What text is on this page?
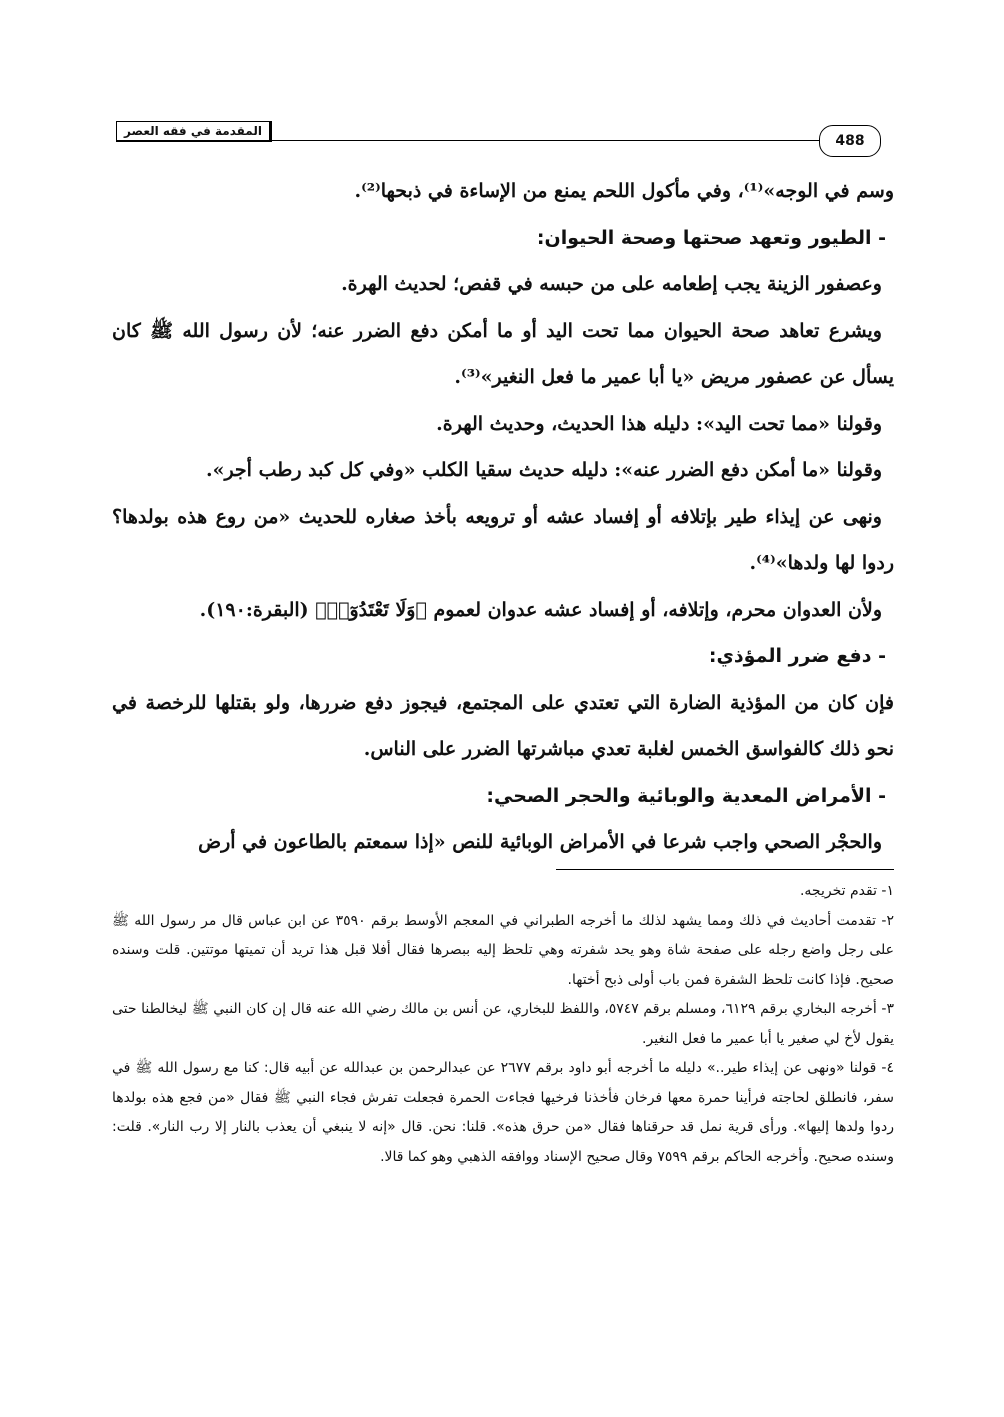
المقدمة في فقه العصر
488

وسم في الوجه»⁽¹⁾، وفي مأكول اللحم يمنع من الإساءة في ذبحها⁽²⁾.

- الطيور وتعهد صحتها وصحة الحيوان:

وعصفور الزينة يجب إطعامه على من حبسه في قفص؛ لحديث الهرة.

ويشرع تعاهد صحة الحيوان مما تحت اليد أو ما أمكن دفع الضرر عنه؛ لأن رسول الله ﷺ كان يسأل عن عصفور مريض «يا أبا عمير ما فعل النغير»⁽³⁾.

وقولنا «مما تحت اليد»: دليله هذا الحديث، وحديث الهرة.

وقولنا «ما أمكن دفع الضرر عنه»: دليله حديث سقيا الكلب «وفي كل كبد رطب أجر».

ونهى عن إيذاء طير بإتلافه أو إفساد عشه أو ترويعه بأخذ صغاره للحديث «من روع هذه بولدها؟ ردوا لها ولدها»⁽⁴⁾.

ولأن العدوان محرم، وإتلافه، أو إفساد عشه عدوان لعموم ﴿وَلَا تَعْتَدُوٓا۟﴾ (البقرة:١٩٠).

- دفع ضرر المؤذي:

فإن كان من المؤذية الضارة التي تعتدي على المجتمع، فيجوز دفع ضررها، ولو بقتلها للرخصة في نحو ذلك كالفواسق الخمس لغلبة تعدي مباشرتها الضرر على الناس.

- الأمراض المعدية والوبائية والحجر الصحي:

والحجْر الصحي واجب شرعا في الأمراض الوبائية للنص «إذا سمعتم بالطاعون في أرض

١- تقدم تخريجه.

٢- تقدمت أحاديث في ذلك ومما يشهد لذلك ما أخرجه الطبراني في المعجم الأوسط برقم ٣٥٩٠ عن ابن عباس قال مر رسول الله ﷺ على رجل واضع رجله على صفحة شاة وهو يحد شفرته وهي تلحظ إليه ببصرها فقال أفلا قبل هذا تريد أن تميتها موتتين. قلت وسنده صحيح. فإذا كانت تلحظ الشفرة فمن باب أولى ذبح أختها.

٣- أخرجه البخاري برقم ٦١٢٩، ومسلم برقم ٥٧٤٧، واللفظ للبخاري، عن أنس بن مالك رضي الله عنه قال إن كان النبي ﷺ ليخالطنا حتى يقول لأخ لي صغير يا أبا عمير ما فعل النغير.

٤- قولنا «ونهى عن إيذاء طير..» دليله ما أخرجه أبو داود برقم ٢٦٧٧ عن عبدالرحمن بن عبدالله عن أبيه قال: كنا مع رسول الله ﷺ في سفر، فانطلق لحاجته فرأينا حمرة معها فرخان فأخذنا فرخيها فجاءت الحمرة فجعلت تفرش فجاء النبي ﷺ فقال «من فجع هذه بولدها ردوا ولدها إليها». ورأى قرية نمل قد حرقناها فقال «من حرق هذه». قلنا: نحن. قال «إنه لا ينبغي أن يعذب بالنار إلا رب النار». قلت: وسنده صحيح. وأخرجه الحاكم برقم ٧٥٩٩ وقال صحيح الإسناد ووافقه الذهبي وهو كما قالا.
